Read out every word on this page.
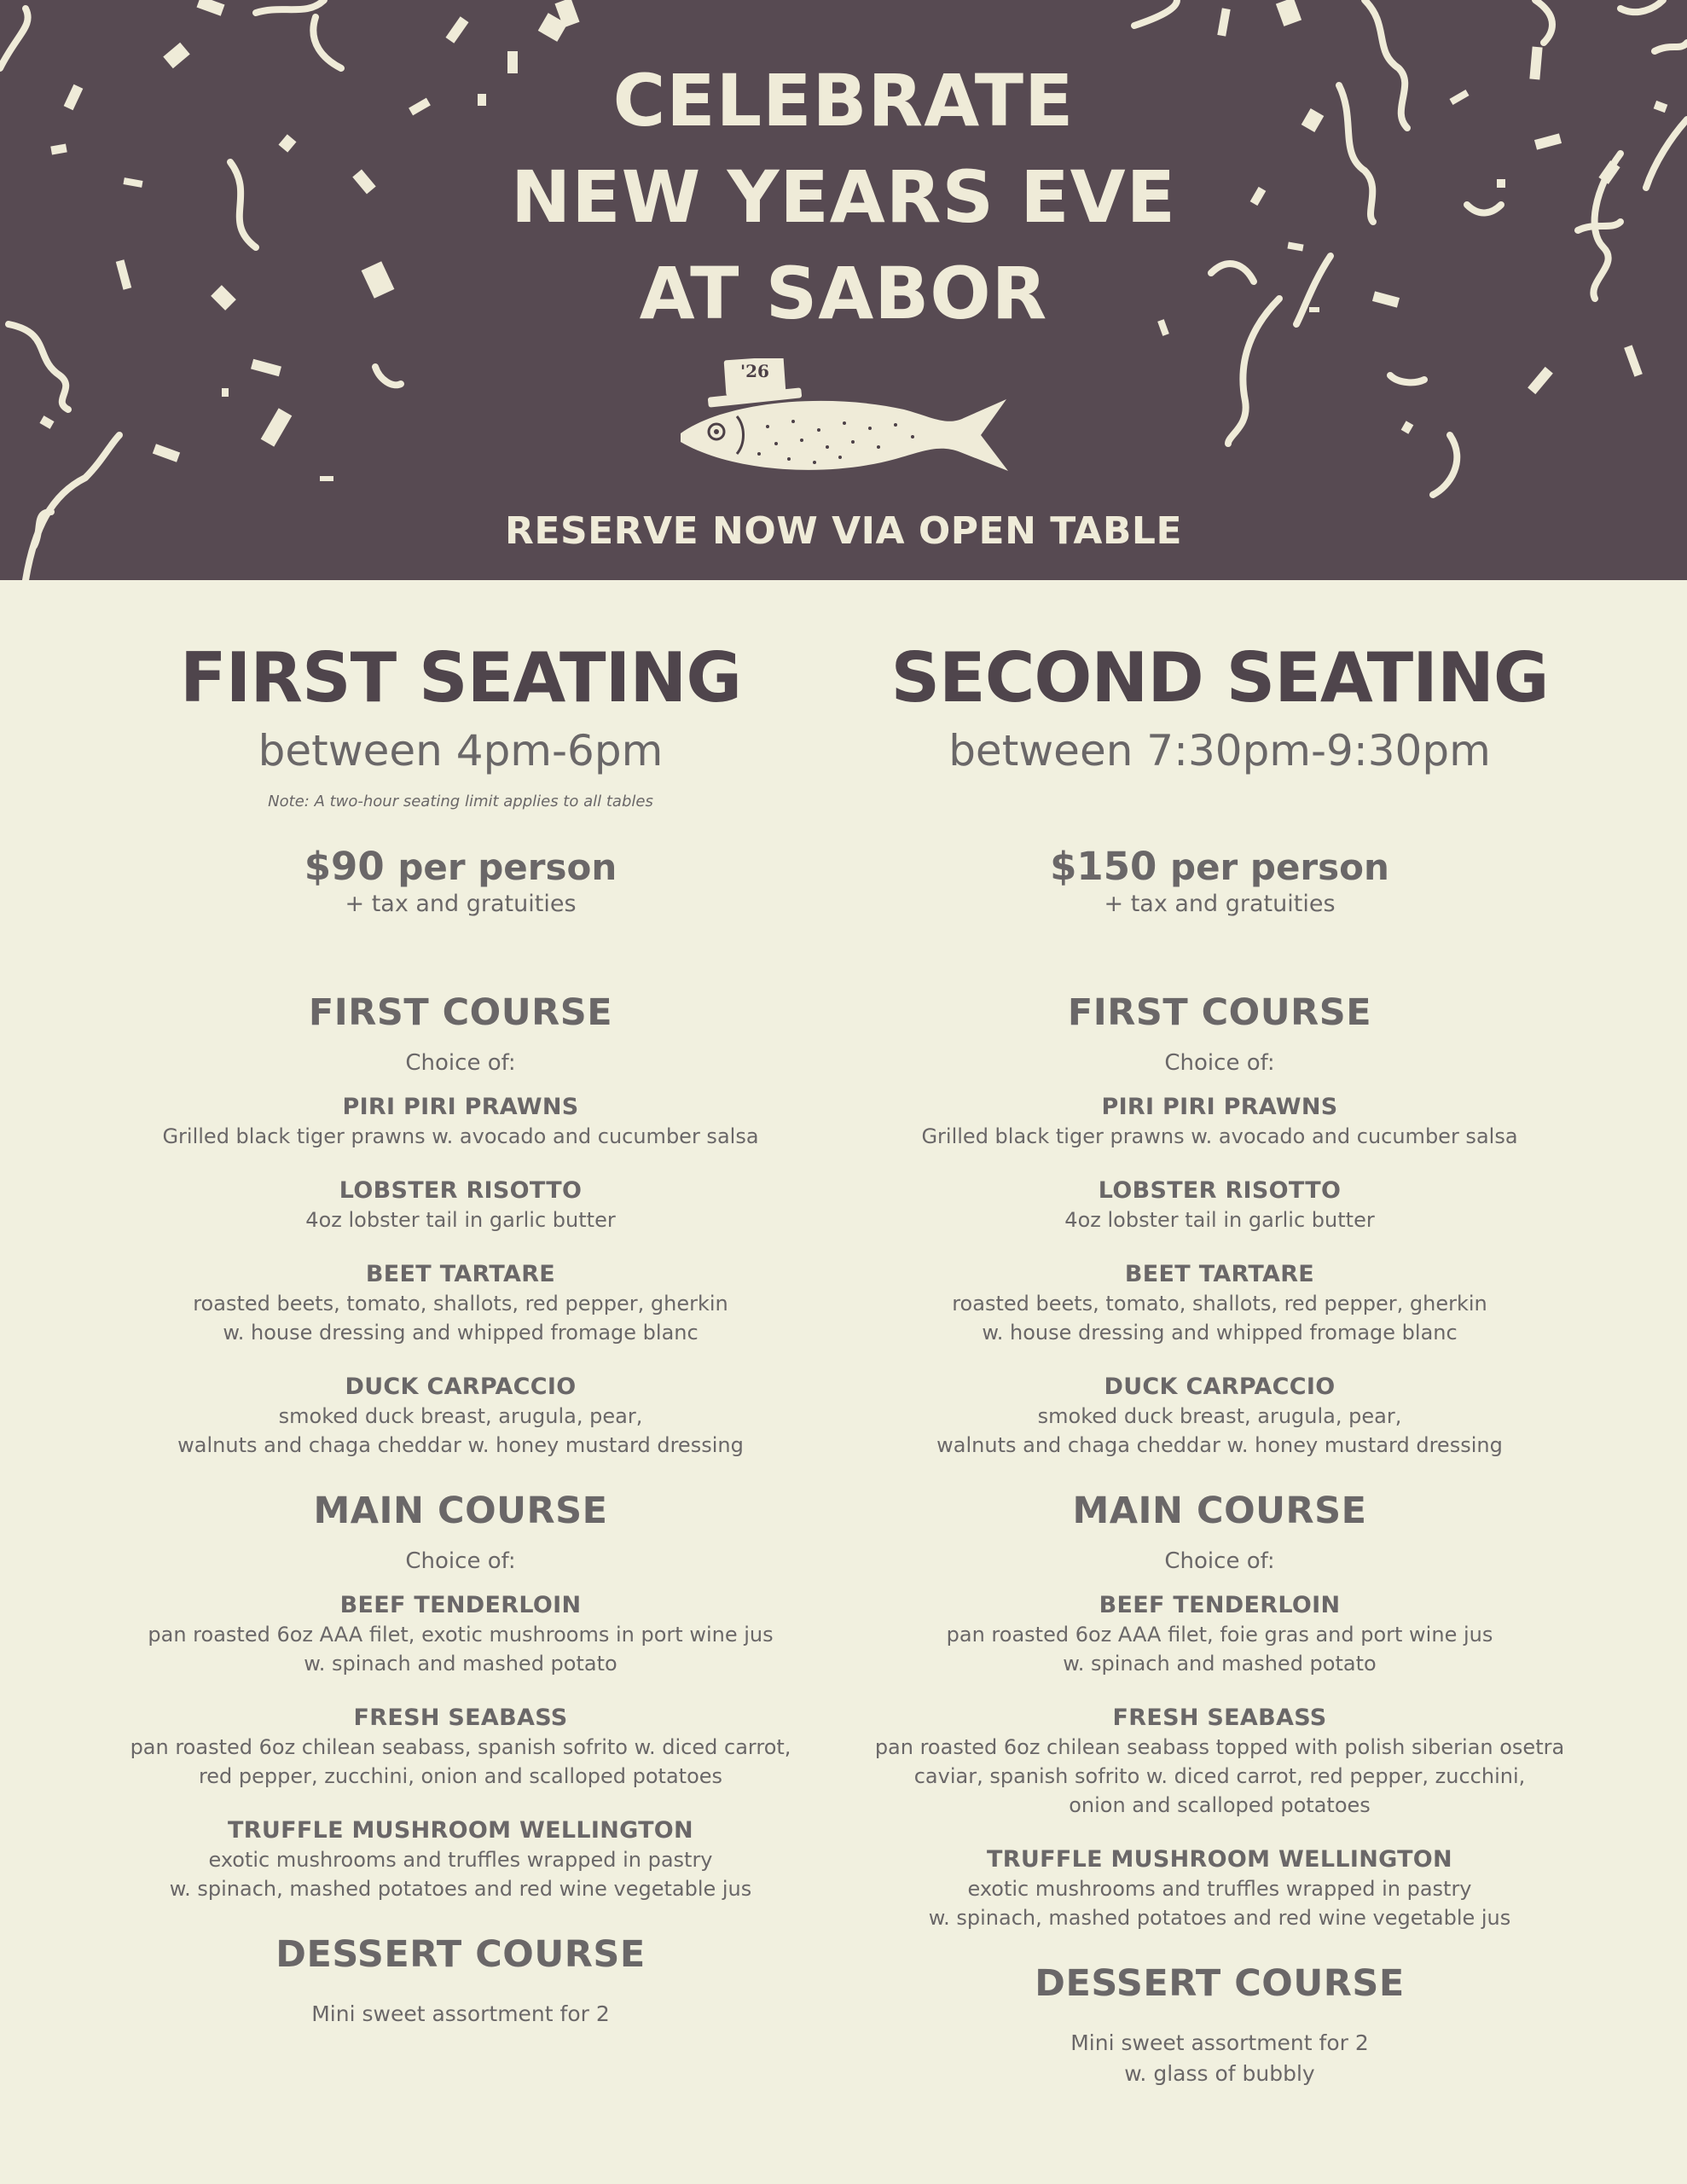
CELEBRATE
NEW YEARS EVE
AT SABOR
'26
RESERVE NOW VIA OPEN TABLE
FIRST SEATING
between 4pm-6pm
Note: A two-hour seating limit applies to all tables
$90 per person
+ tax and gratuities
FIRST COURSE
Choice of:
PIRI PIRI PRAWNS
Grilled black tiger prawns w. avocado and cucumber salsa
LOBSTER RISOTTO
4oz lobster tail in garlic butter
BEET TARTARE
roasted beets, tomato, shallots, red pepper, gherkin
w. house dressing and whipped fromage blanc
DUCK CARPACCIO
smoked duck breast, arugula, pear,
walnuts and chaga cheddar w. honey mustard dressing
MAIN COURSE
Choice of:
BEEF TENDERLOIN
pan roasted 6oz AAA filet, exotic mushrooms in port wine jus
w. spinach and mashed potato
FRESH SEABASS
pan roasted 6oz chilean seabass, spanish sofrito w. diced carrot,
red pepper, zucchini, onion and scalloped potatoes
TRUFFLE MUSHROOM WELLINGTON
exotic mushrooms and truffles wrapped in pastry
w. spinach, mashed potatoes and red wine vegetable jus
DESSERT COURSE
Mini sweet assortment for 2
SECOND SEATING
between 7:30pm-9:30pm
$150 per person
+ tax and gratuities
FIRST COURSE
Choice of:
PIRI PIRI PRAWNS
Grilled black tiger prawns w. avocado and cucumber salsa
LOBSTER RISOTTO
4oz lobster tail in garlic butter
BEET TARTARE
roasted beets, tomato, shallots, red pepper, gherkin
w. house dressing and whipped fromage blanc
DUCK CARPACCIO
smoked duck breast, arugula, pear,
walnuts and chaga cheddar w. honey mustard dressing
MAIN COURSE
Choice of:
BEEF TENDERLOIN
pan roasted 6oz AAA filet, foie gras and port wine jus
w. spinach and mashed potato
FRESH SEABASS
pan roasted 6oz chilean seabass topped with polish siberian osetra
caviar, spanish sofrito w. diced carrot, red pepper, zucchini,
onion and scalloped potatoes
TRUFFLE MUSHROOM WELLINGTON
exotic mushrooms and truffles wrapped in pastry
w. spinach, mashed potatoes and red wine vegetable jus
DESSERT COURSE
Mini sweet assortment for 2
w. glass of bubbly
